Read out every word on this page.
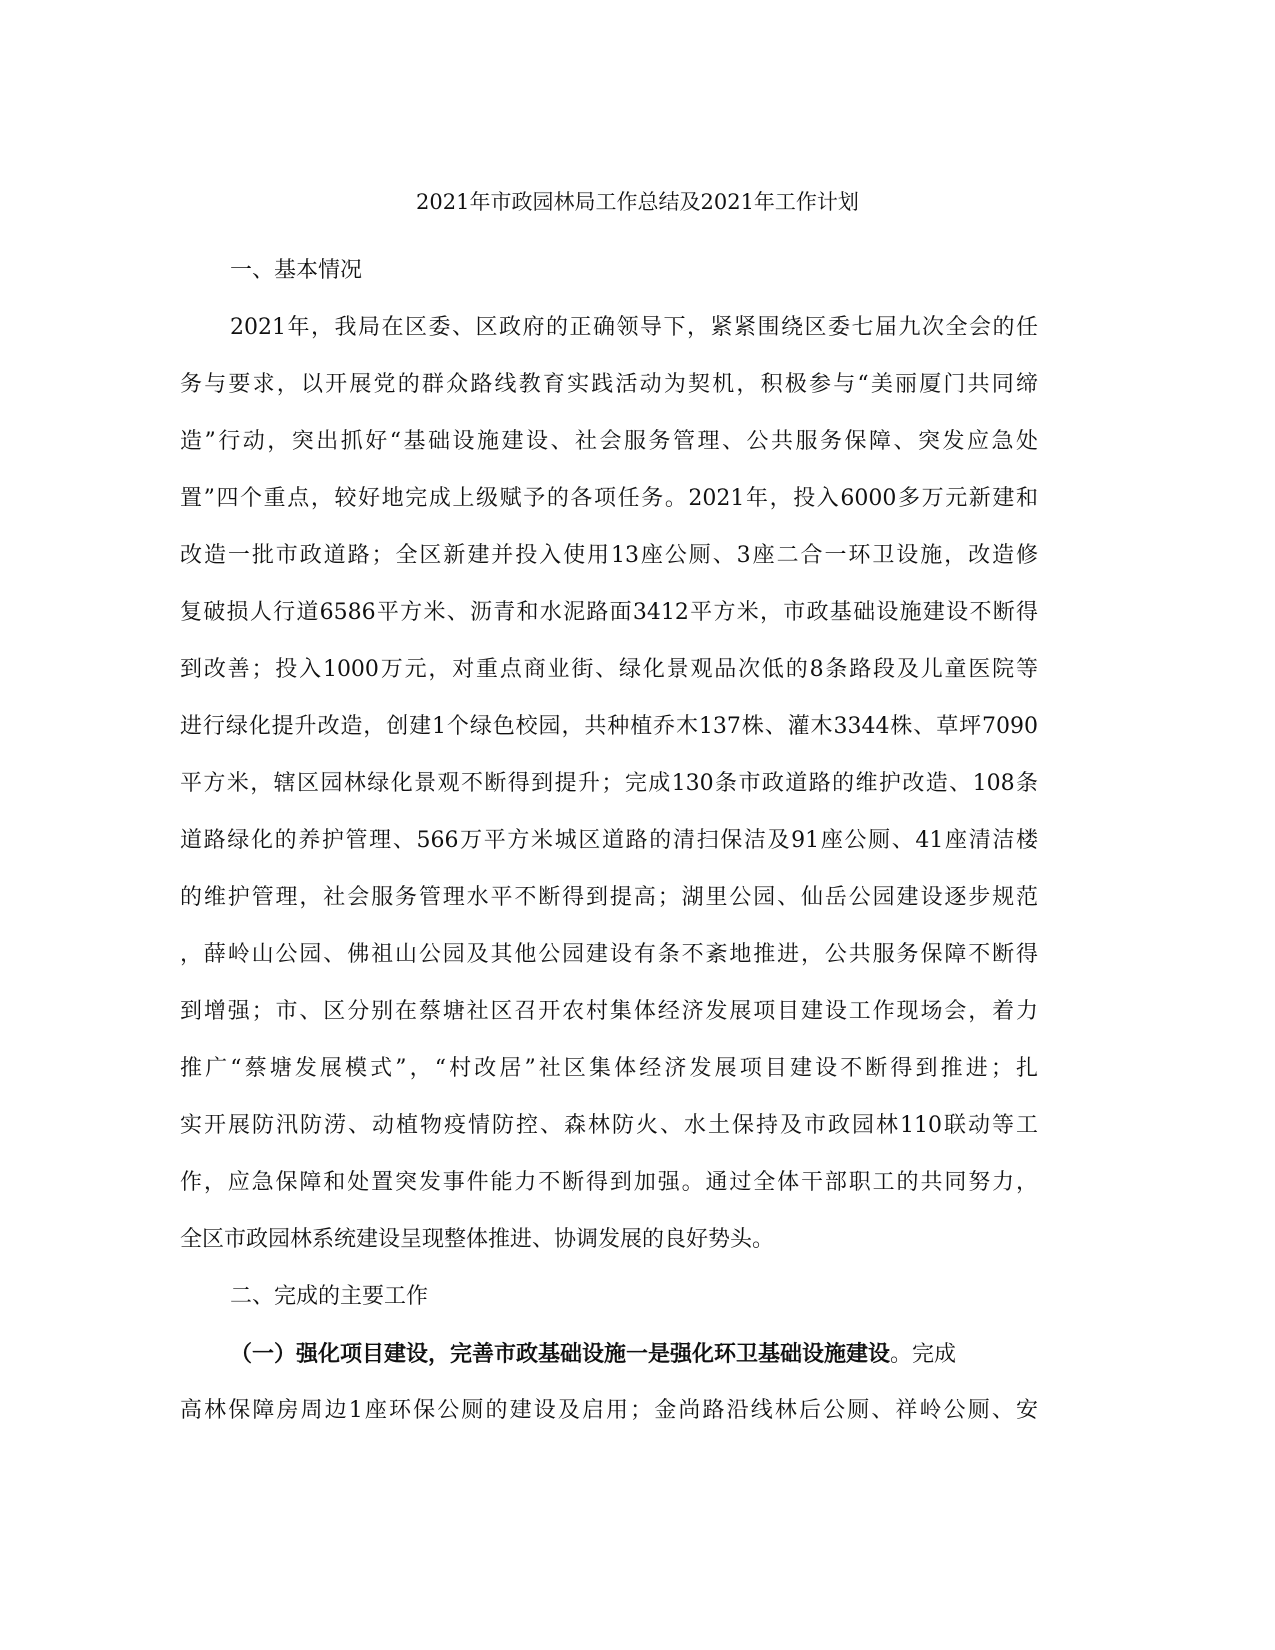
2021年市政园林局工作总结及2021年工作计划
一、基本情况
2021年，我局在区委、区政府的正确领导下，紧紧围绕区委七届九次全会的任
务与要求，以开展党的群众路线教育实践活动为契机，积极参与“美丽厦门共同缔
造”行动，突出抓好“基础设施建设、社会服务管理、公共服务保障、突发应急处
置”四个重点，较好地完成上级赋予的各项任务。2021年，投入6000多万元新建和
改造一批市政道路；全区新建并投入使用13座公厕、3座二合一环卫设施，改造修
复破损人行道6586平方米、沥青和水泥路面3412平方米，市政基础设施建设不断得
到改善；投入1000万元，对重点商业街、绿化景观品次低的8条路段及儿童医院等
进行绿化提升改造，创建1个绿色校园，共种植乔木137株、灌木3344株、草坪7090
平方米，辖区园林绿化景观不断得到提升；完成130条市政道路的维护改造、108条
道路绿化的养护管理、566万平方米城区道路的清扫保洁及91座公厕、41座清洁楼
的维护管理，社会服务管理水平不断得到提高；湖里公园、仙岳公园建设逐步规范
，薛岭山公园、佛祖山公园及其他公园建设有条不紊地推进，公共服务保障不断得
到增强；市、区分别在蔡塘社区召开农村集体经济发展项目建设工作现场会，着力
推广“蔡塘发展模式”，“村改居”社区集体经济发展项目建设不断得到推进；扎
实开展防汛防涝、动植物疫情防控、森林防火、水土保持及市政园林110联动等工
作，应急保障和处置突发事件能力不断得到加强。通过全体干部职工的共同努力，
全区市政园林系统建设呈现整体推进、协调发展的良好势头。
二、完成的主要工作
（一）强化项目建设，完善市政基础设施一是强化环卫基础设施建设。完成
高林保障房周边1座环保公厕的建设及启用；金尚路沿线林后公厕、祥岭公厕、安
